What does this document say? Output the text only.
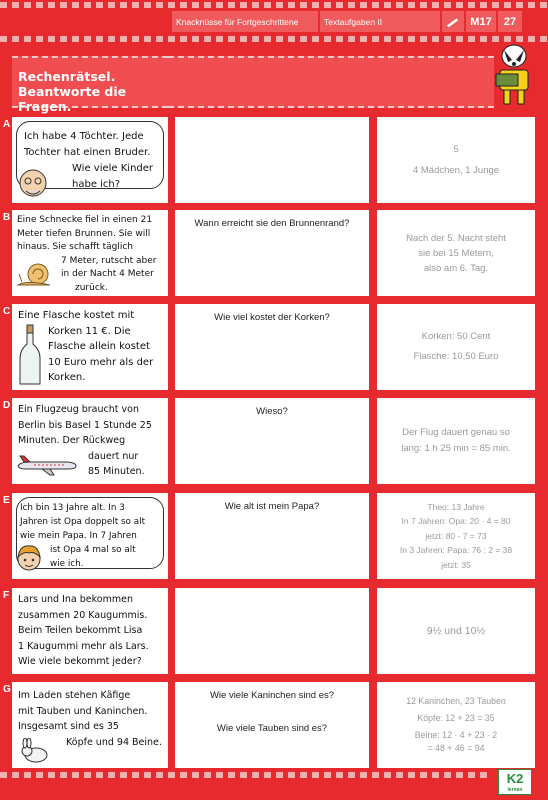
Knacknüsse für Fortgeschrittene	Textaufgaben II	M17	27
Rechenrätsel.
Beantworte die Fragen.
A
Ich habe 4 Töchter. Jede
Tochter hat einen Bruder.
Wie viele Kinder
habe ich?
5
4 Mädchen, 1 Junge
B Eine Schnecke fiel in einen 21
Meter tiefen Brunnen. Sie will
hinaus. Sie schafft täglich
7 Meter, rutscht aber
in der Nacht 4 Meter
zurück.
Wann erreicht sie den Brunnenrand?
Nach der 5. Nacht steht
sie bei 15 Metern,
also am 6. Tag.
C Eine Flasche kostet mit
Korken 11 €. Die
Flasche allein kostet
10 Euro mehr als der
Korken.
Wie viel kostet der Korken?
Korken: 50 Cent
Flasche: 10,50 Euro
D Ein Flugzeug braucht von
Berlin bis Basel 1 Stunde 25
Minuten. Der Rückweg
dauert nur
85 Minuten.
Wieso?
Der Flug dauert genau so
lang: 1 h 25 min = 85 min.
E
Ich bin 13 Jahre alt. In 3
Jahren ist Opa doppelt so alt
wie mein Papa. In 7 Jahren
ist Opa 4 mal so alt
wie ich.
Wie alt ist mein Papa?	Theo: 13 Jahre
In 7 Jahren: Opa: 20 · 4 = 80
jetzt: 80 - 7 = 73
In 3 Jahren: Papa: 76 : 2 = 38
jetzt: 35
F Lars und Ina bekommen
zusammen 20 Kaugummis.
Beim Teilen bekommt Lisa
1 Kaugummi mehr als Lars.
Wie viele bekommt jeder?
9½ und 10½
G
Im Laden stehen Käfige
mit Tauben und Kaninchen.
Insgesamt sind es 35
Köpfe und 94 Beine.
Wie viele Kaninchen sind es?
Wie viele Tauben sind es?
12 Kaninchen, 23 Tauben
Köpfe: 12 + 23 = 35
Beine: 12 · 4 + 23 · 2
= 48 + 46 = 94
K2
lernen
